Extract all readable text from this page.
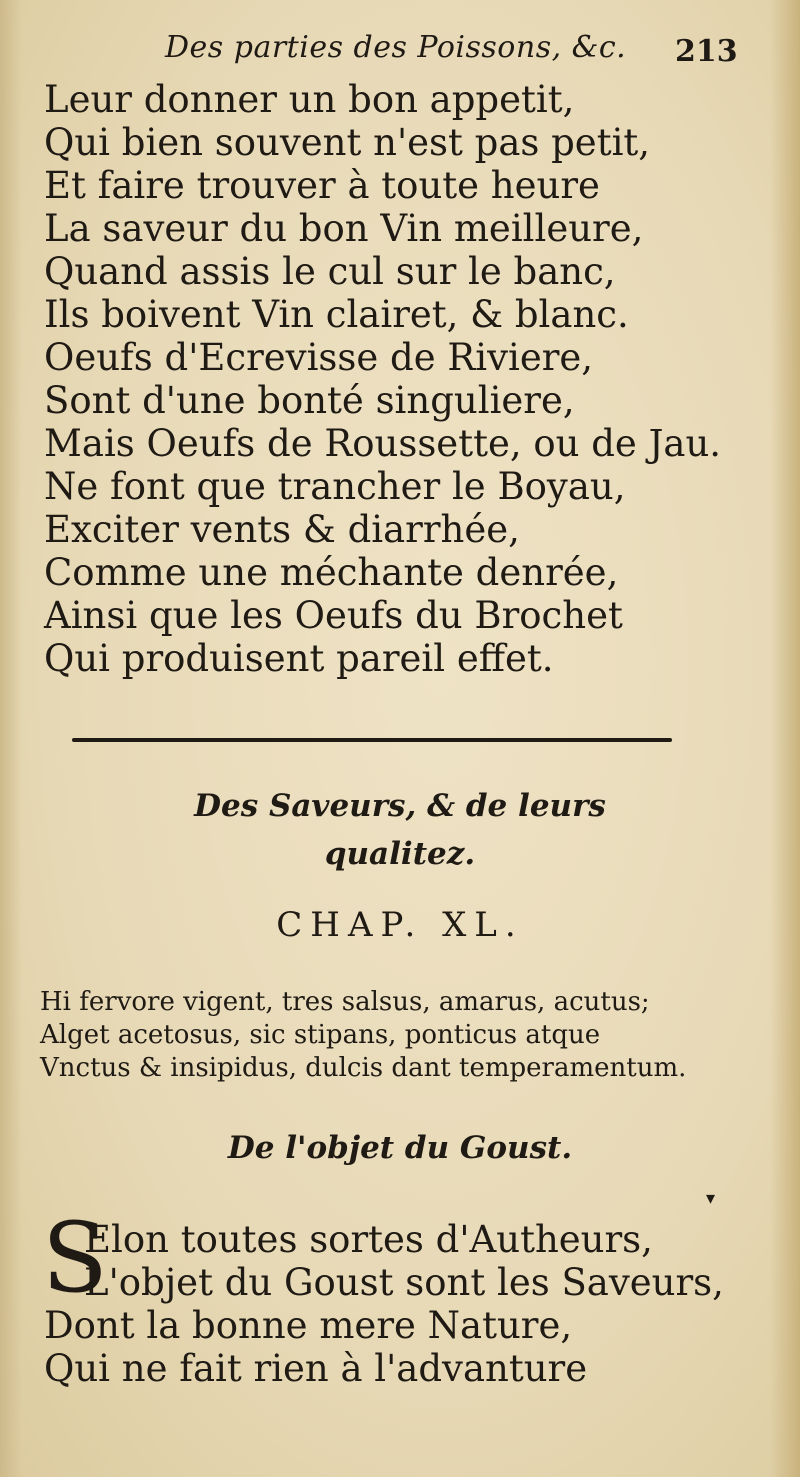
Des parties des Poissons, &c. 213
Leur donner un bon appetit,
Qui bien souvent n'est pas petit,
Et faire trouver à toute heure
La saveur du bon Vin meilleure,
Quand assis le cul sur le banc,
Ils boivent Vin clairet, & blanc.
Oeufs d'Ecrevisse de Riviere,
Sont d'une bonté singuliere,
Mais Oeufs de Roussette, ou de Jau.
Ne font que trancher le Boyau,
Exciter vents & diarrhée,
Comme une méchante denrée,
Ainsi que les Oeufs du Brochet
Qui produisent pareil effet.
Des Saveurs, & de leurs
qualitez.
CHAP. XL.
Hi fervore vigent, tres salsus, amarus, acutus;
Alget acetosus, sic stipans, ponticus atque
Vnctus & insipidus, dulcis dant temperamentum.
De l'objet du Goust.
▾
S
Elon toutes sortes d'Autheurs,
L'objet du Goust sont les Saveurs,
Dont la bonne mere Nature,
Qui ne fait rien à l'advanture
